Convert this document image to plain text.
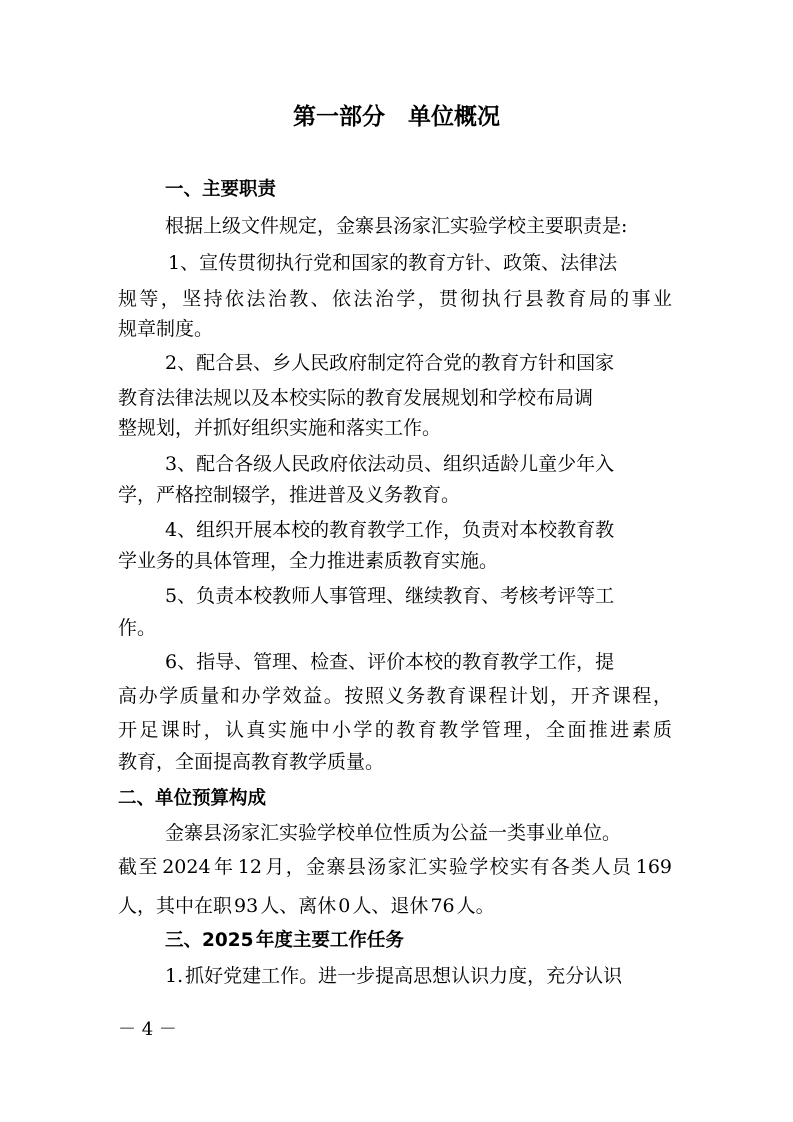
第一部分　单位概况
一、主要职责
根据上级文件规定，金寨县汤家汇实验学校主要职责是:
1、宣传贯彻执行党和国家的教育方针、政策、法律法
规等，坚持依法治教、依法治学，贯彻执行县教育局的事业
规章制度。
2、配合县、乡人民政府制定符合党的教育方针和国家
教育法律法规以及本校实际的教育发展规划和学校布局调
整规划，并抓好组织实施和落实工作。
3、配合各级人民政府依法动员、组织适龄儿童少年入
学，严格控制辍学，推进普及义务教育。
4、组织开展本校的教育教学工作，负责对本校教育教
学业务的具体管理，全力推进素质教育实施。
5、负责本校教师人事管理、继续教育、考核考评等工
作。
6、指导、管理、检查、评价本校的教育教学工作，提
高办学质量和办学效益。按照义务教育课程计划，开齐课程，
开足课时，认真实施中小学的教育教学管理，全面推进素质
教育，全面提高教育教学质量。
二、单位预算构成
金寨县汤家汇实验学校单位性质为公益一类事业单位。
截至 2024 年 12 月，金寨县汤家汇实验学校实有各类人员 169
人，其中在职 93 人、离休 0 人、退休 76 人。
三、2025 年度主要工作任务
1. 抓好党建工作。进一步提高思想认识力度，充分认识
－ 4 －
